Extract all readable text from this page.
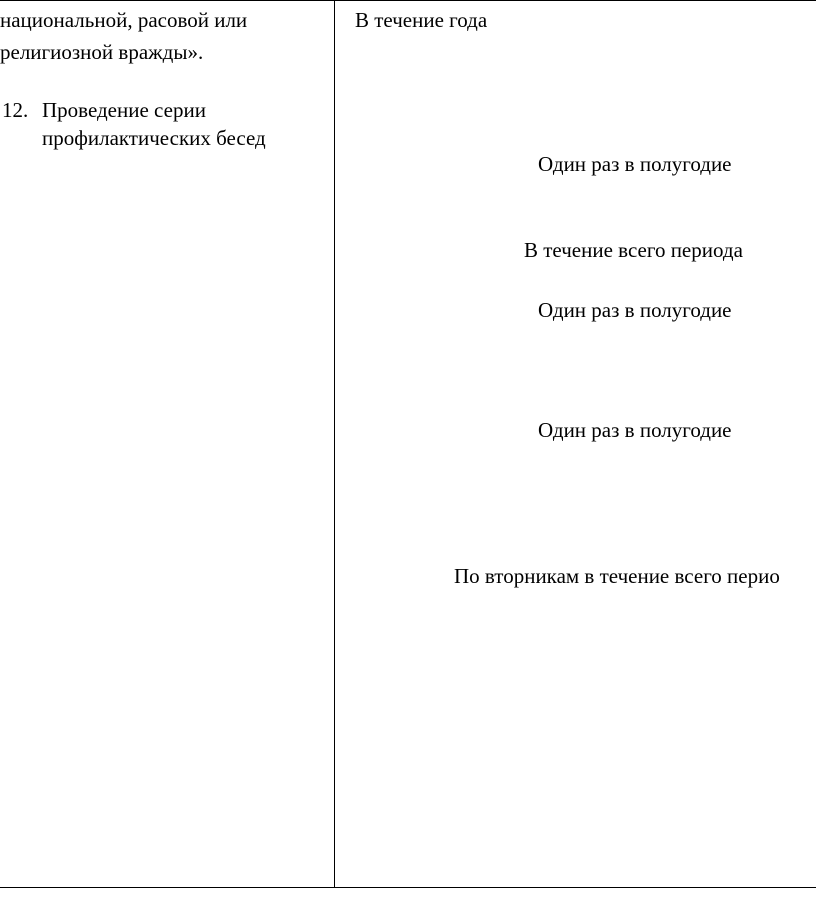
национальной, расовой или
религиозной вражды».
12. Проведение серии
профилактических бесед
В течение года
Один раз в полугодие
В течение всего периода
Один раз в полугодие
Один раз в полугодие
По вторникам в течение всего перио
